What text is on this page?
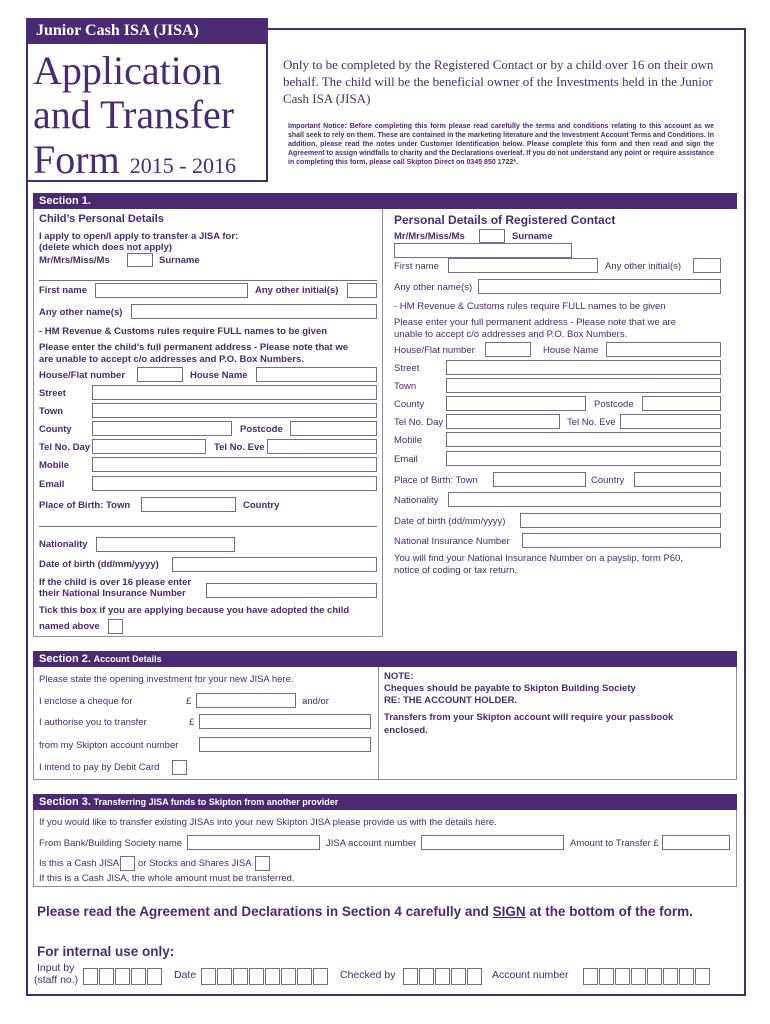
Junior Cash ISA (JISA)
Application
and Transfer
Form 2015 - 2016
Only to be completed by the Registered Contact or by a child over 16 on their own behalf. The child will be the beneficial owner of the Investments held in the Junior Cash ISA (JISA)
Important Notice: Before completing this form please read carefully the terms and conditions relating to this account as we shall seek to rely on them. These are contained in the marketing literature and the Investment Account Terms and Conditions. In addition, please read the notes under Customer Identification below. Please complete this form and then read and sign the Agreement to assign windfalls to charity and the Declarations overleaf. If you do not understand any point or require assistance in completing this form, please call Skipton Direct on 0345 850 1722*.
Section 1.
Child’s Personal Details
I apply to open/I apply to transfer a JISA for:
(delete which does not apply)
Mr/Mrs/Miss/Ms	Surname
First name	Any other initial(s)
Any other name(s)
- HM Revenue & Customs rules require FULL names to be given
Please enter the child’s full permanent address - Please note that we
are unable to accept c/o addresses and P.O. Box Numbers.
House/Flat number	House Name
Street
Town
County	Postcode
Tel No. Day	Tel No. Eve
Mobile
Email
Place of Birth: Town	Country
Nationality
Date of birth (dd/mm/yyyy)
If the child is over 16 please enter
their National Insurance Number
Tick this box if you are applying because you have adopted the child
named above
Personal Details of Registered Contact
Mr/Mrs/Miss/Ms	Surname
First name	Any other initial(s)
Any other name(s)
- HM Revenue & Customs rules require FULL names to be given
Please enter your full permanent address - Please note that we are
unable to accept c/o addresses and P.O. Box Numbers.
House/Flat number	House Name
Street
Town
County	Postcode
Tel No. Day	Tel No. Eve
Mobile
Email
Place of Birth: Town	Country
Nationality
Date of birth (dd/mm/yyyy)
National Insurance Number
You will find your National Insurance Number on a payslip, form P60,
notice of coding or tax return.
Section 2. Account Details
Please state the opening investment for your new JISA here.
I enclose a cheque for	£	and/or
I authorise you to transfer	£
from my Skipton account number
I intend to pay by Debit Card
NOTE:
Cheques should be payable to Skipton Building Society
RE: THE ACCOUNT HOLDER.
Transfers from your Skipton account will require your passbook
enclosed.
Section 3. Transferring JISA funds to Skipton from another provider
If you would like to transfer existing JISAs into your new Skipton JISA please provide us with the details here.
From Bank/Building Society name	JISA account number	Amount to Transfer £
Is this a Cash JISA or Stocks and Shares JISA
If this is a Cash JISA, the whole amount must be transferred.
Please read the Agreement and Declarations in Section 4 carefully and SIGN at the bottom of the form.
For internal use only:
Input by
(staff no.)	Date	Checked by	Account number
